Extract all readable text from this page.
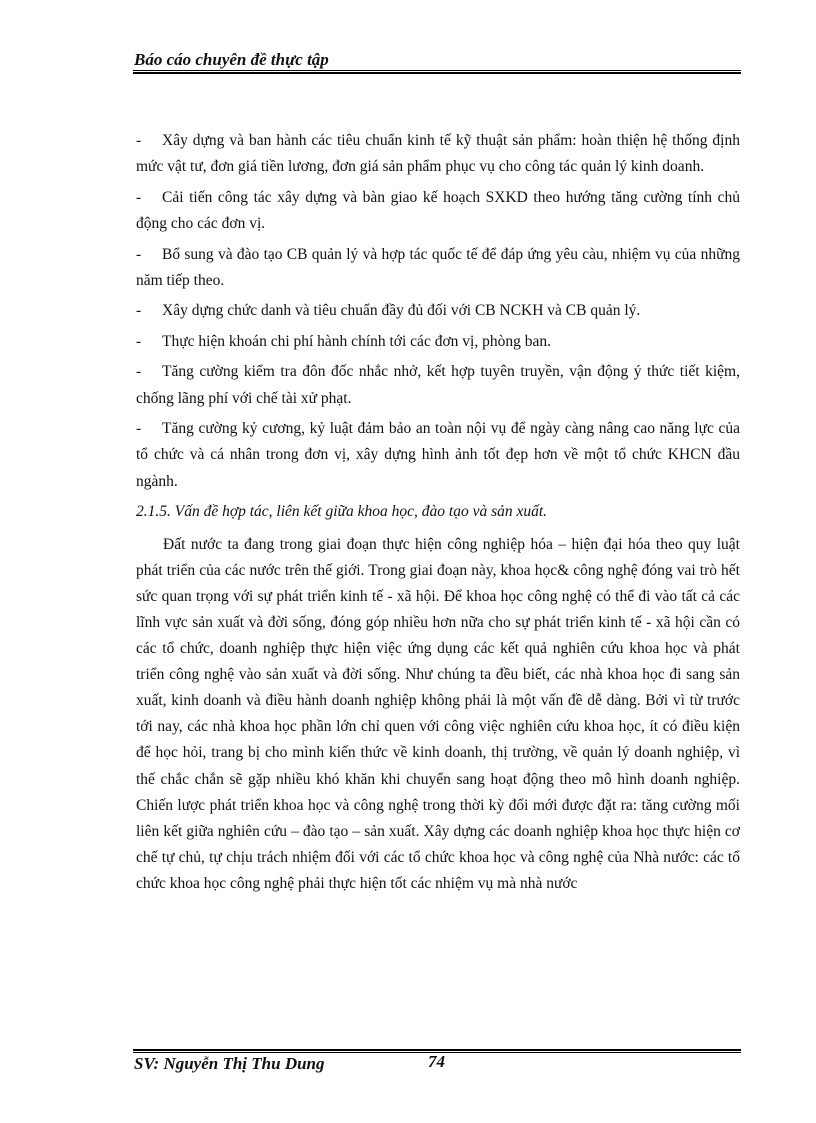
Báo cáo chuyên đề thực tập

- Xây dựng và ban hành các tiêu chuẩn kinh tế kỹ thuật sản phẩm: hoàn thiện hệ thống định mức vật tư, đơn giá tiền lương, đơn giá sản phẩm phục vụ cho công tác quản lý kinh doanh.

- Cải tiến công tác xây dựng và bàn giao kế hoạch SXKD theo hướng tăng cường tính chủ động cho các đơn vị.

- Bổ sung và đào tạo CB quản lý và hợp tác quốc tế để đáp ứng yêu càu, nhiệm vụ của những năm tiếp theo.

- Xây dựng chức danh và tiêu chuẩn đầy đủ đối với CB NCKH và CB quản lý.

- Thực hiện khoán chi phí hành chính tới các đơn vị, phòng ban.

- Tăng cường kiểm tra đôn đốc nhắc nhở, kết hợp tuyên truyền, vận động ý thức tiết kiệm, chống lãng phí với chế tài xử phạt.

- Tăng cường kỷ cương, kỷ luật đảm bảo an toàn nội vụ để ngày càng nâng cao năng lực của tổ chức và cá nhân trong đơn vị, xây dựng hình ảnh tốt đẹp hơn về một tổ chức KHCN đầu ngành.

2.1.5. Vấn đề hợp tác, liên kết giữa khoa học, đào tạo và sản xuất.

Đất nước ta đang trong giai đoạn thực hiện công nghiệp hóa – hiện đại hóa theo quy luật phát triển của các nước trên thế giới. Trong giai đoạn này, khoa học& công nghệ đóng vai trò hết sức quan trọng với sự phát triển kinh tế - xã hội. Để khoa học công nghệ có thể đi vào tất cả các lĩnh vực sản xuất và đời sống, đóng góp nhiều hơn nữa cho sự phát triển kinh tế - xã hội cần có các tổ chức, doanh nghiệp thực hiện việc ứng dụng các kết quả nghiên cứu khoa học và phát triển công nghệ vào sản xuất và đời sống. Như chúng ta đều biết, các nhà khoa học đi sang sản xuất, kinh doanh và điều hành doanh nghiệp không phải là một vấn đề dễ dàng. Bởi vì từ trước tới nay, các nhà khoa học phần lớn chỉ quen với công việc nghiên cứu khoa học, ít có điều kiện để học hỏi, trang bị cho mình kiến thức về kinh doanh, thị trường, về quản lý doanh nghiệp, vì thế chắc chắn sẽ gặp nhiều khó khăn khi chuyển sang hoạt động theo mô hình doanh nghiệp. Chiến lược phát triển khoa học và công nghệ trong thời kỳ đổi mới được đặt ra: tăng cường mối liên kết giữa nghiên cứu – đào tạo – sản xuất. Xây dựng các doanh nghiệp khoa học thực hiện cơ chế tự chủ, tự chịu trách nhiệm đối với các tổ chức khoa học và công nghệ của Nhà nước: các tổ chức khoa học công nghệ phải thực hiện tốt các nhiệm vụ mà nhà nước

SV: Nguyễn Thị Thu Dung	74
